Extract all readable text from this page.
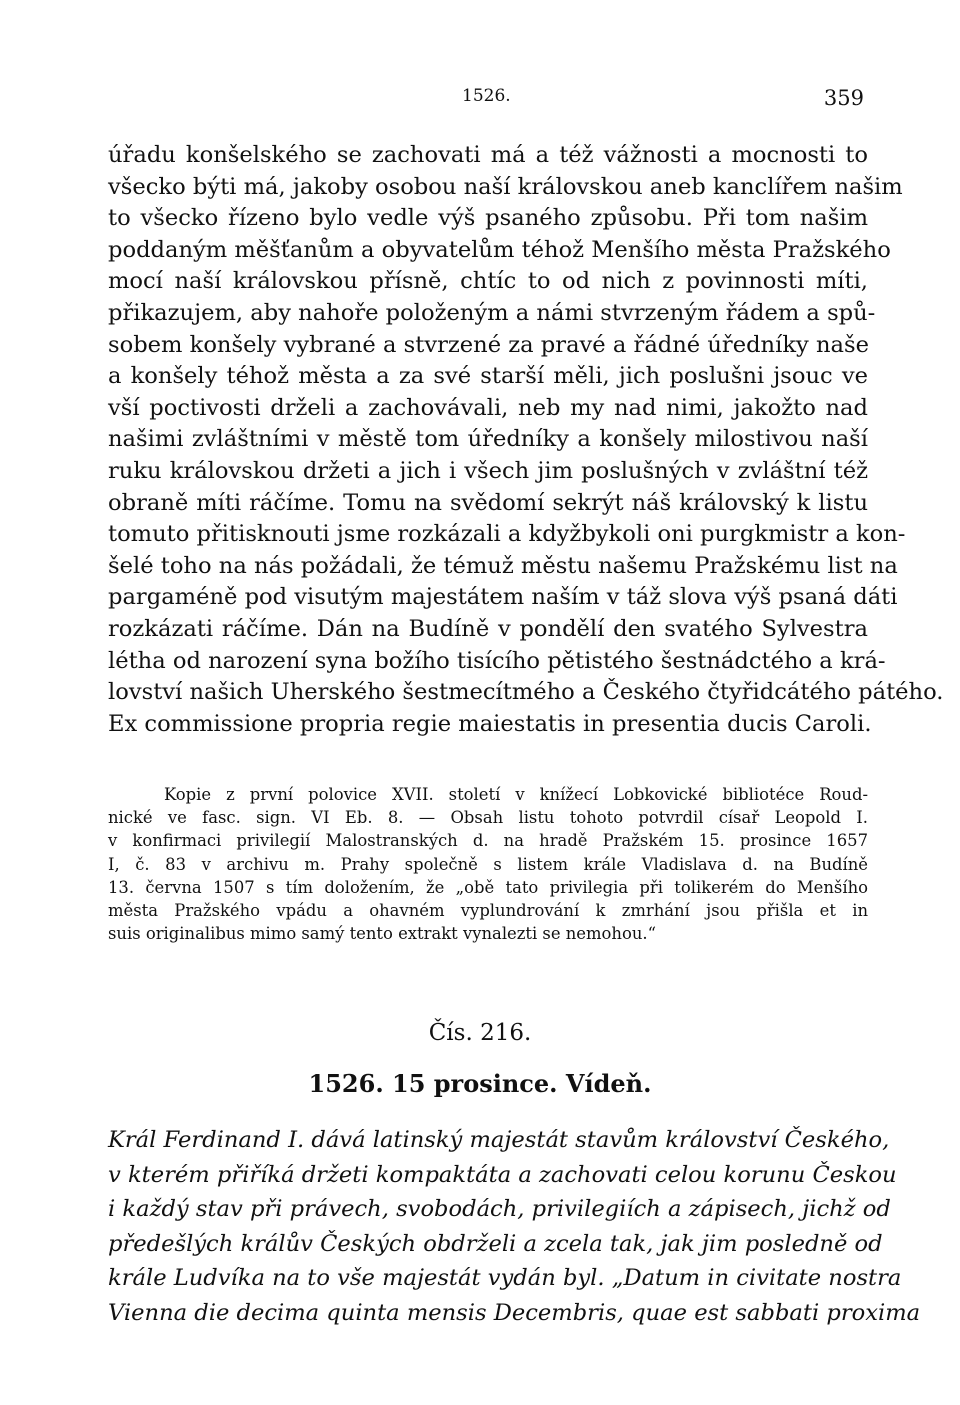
1526.	359
úřadu konšelského se zachovati má a též vážnosti a mocnosti to
všecko býti má, jakoby osobou naší královskou aneb kanclířem našim
to všecko řízeno bylo vedle výš psaného způsobu. Při tom našim
poddaným měšťanům a obyvatelům téhož Menšího města Pražského
mocí naší královskou přísně, chtíc to od nich z povinnosti míti,
přikazujem, aby nahoře položeným a námi stvrzeným řádem a spů-
sobem konšely vybrané a stvrzené za pravé a řádné úředníky naše
a konšely téhož města a za své starší měli, jich poslušni jsouc ve
vší poctivosti drželi a zachovávali, neb my nad nimi, jakožto nad
našimi zvláštními v městě tom úředníky a konšely milostivou naší
ruku královskou držeti a jich i všech jim poslušných v zvláštní též
obraně míti ráčíme. Tomu na svědomí sekrýt náš královský k listu
tomuto přitisknouti jsme rozkázali a kdyžbykoli oni purgkmistr a kon-
šelé toho na nás požádali, že témuž městu našemu Pražskému list na
pargaméně pod visutým majestátem naším v táž slova výš psaná dáti
rozkázati ráčíme. Dán na Budíně v pondělí den svatého Sylvestra
létha od narození syna božího tisícího pětistého šestnádctého a krá-
lovství našich Uherského šestmecítmého a Českého čtyřidcátého pátého.
Ex commissione propria regie maiestatis in presentia ducis Caroli.
Kopie z první polovice XVII. století v knížecí Lobkovické bibliotéce Roud-
nické ve fasc. sign. VI Eb. 8. — Obsah listu tohoto potvrdil císař Leopold I.
v konfirmaci privilegií Malostranských d. na hradě Pražském 15. prosince 1657
I, č. 83 v archivu m. Prahy společně s listem krále Vladislava d. na Budíně
13. června 1507 s tím doložením, že „obě tato privilegia při tolikerém do Menšího
města Pražského vpádu a ohavném vyplundrování k zmrhání jsou přišla et in
suis originalibus mimo samý tento extrakt vynalezti se nemohou.“
Čís. 216.
1526. 15 prosince. Vídeň.
Král Ferdinand I. dává latinský majestát stavům království Českého,
v kterém přiříká držeti kompaktáta a zachovati celou korunu Českou
i každý stav při právech, svobodách, privilegiích a zápisech, jichž od
předešlých králův Českých obdrželi a zcela tak, jak jim posledně od
krále Ludvíka na to vše majestát vydán byl. „Datum in civitate nostra
Vienna die decima quinta mensis Decembris, quae est sabbati proxima
